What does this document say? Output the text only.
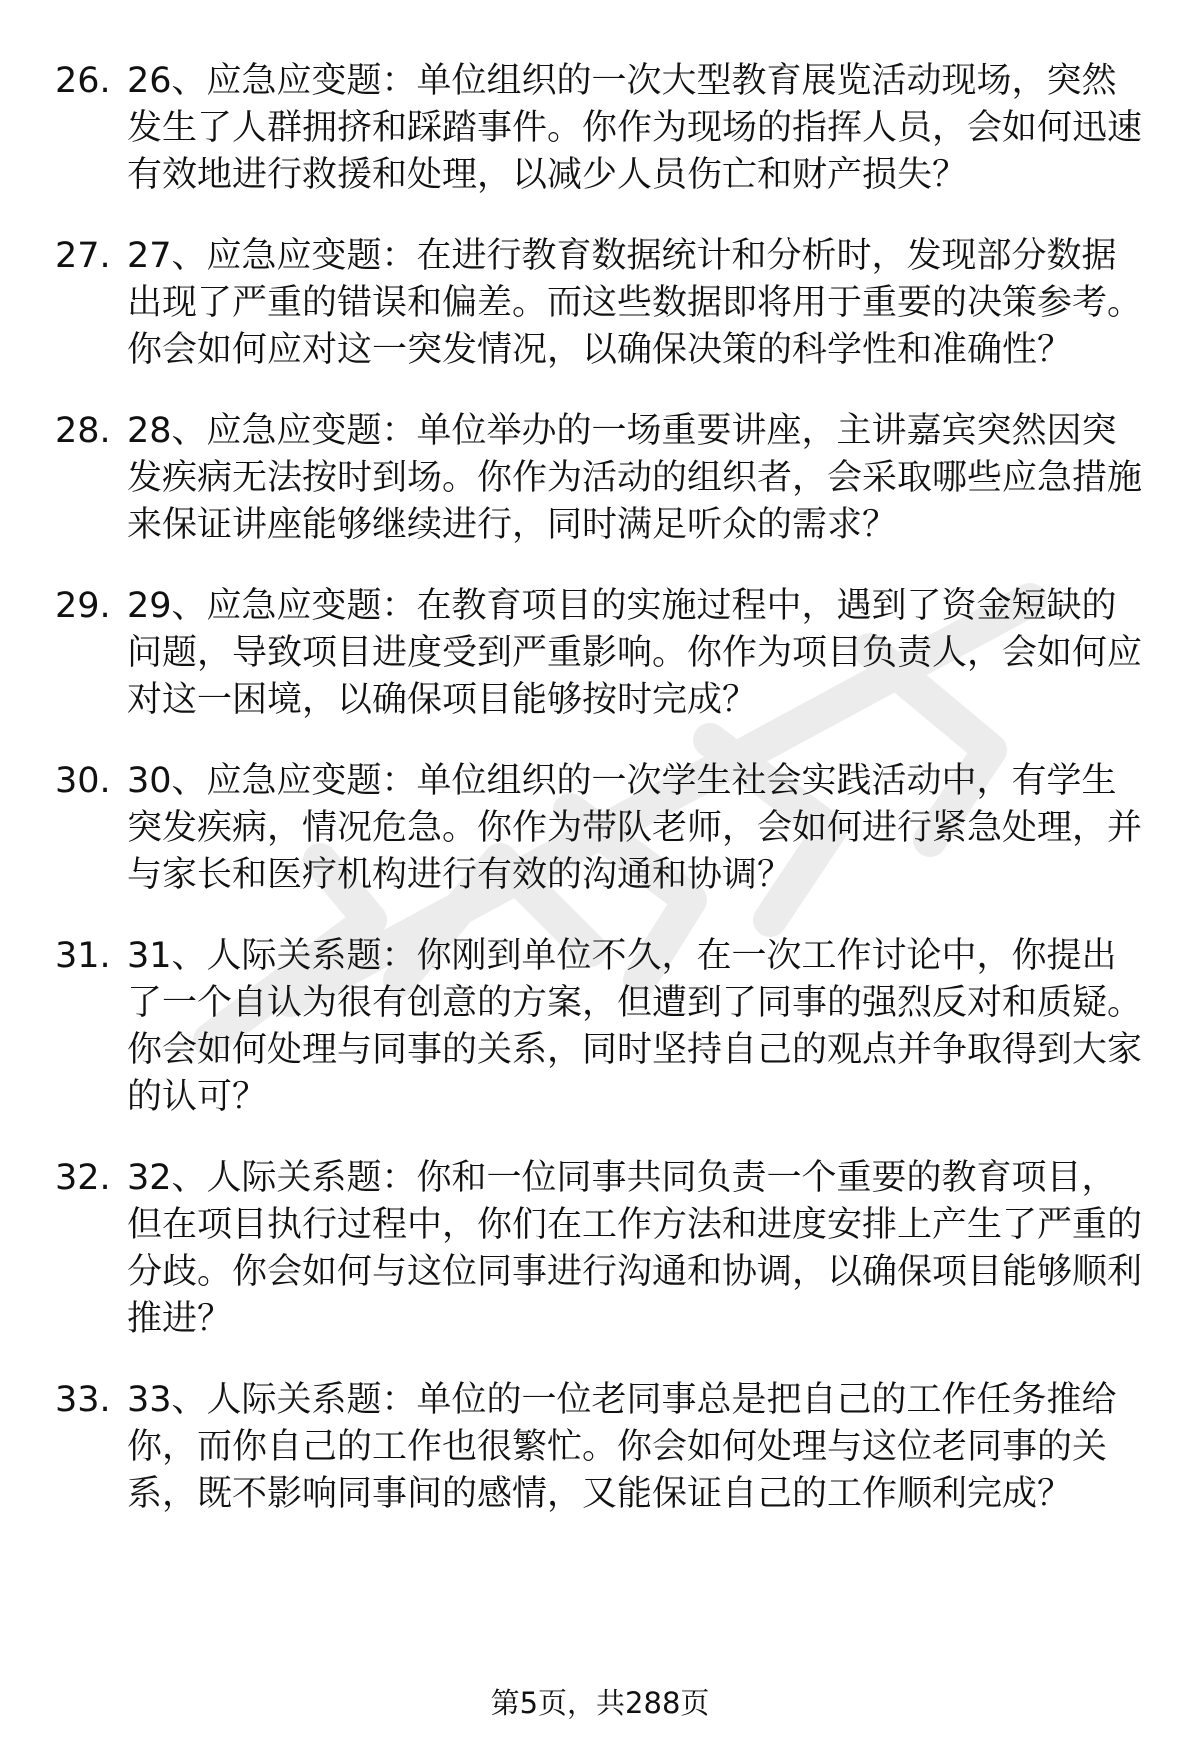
26. 26、应急应变题：单位组织的一次大型教育展览活动现场，突然发生了人群拥挤和踩踏事件。你作为现场的指挥人员，会如何迅速有效地进行救援和处理，以减少人员伤亡和财产损失？

27. 27、应急应变题：在进行教育数据统计和分析时，发现部分数据出现了严重的错误和偏差。而这些数据即将用于重要的决策参考。你会如何应对这一突发情况，以确保决策的科学性和准确性？

28. 28、应急应变题：单位举办的一场重要讲座，主讲嘉宾突然因突发疾病无法按时到场。你作为活动的组织者，会采取哪些应急措施来保证讲座能够继续进行，同时满足听众的需求？

29. 29、应急应变题：在教育项目的实施过程中，遇到了资金短缺的问题，导致项目进度受到严重影响。你作为项目负责人，会如何应对这一困境，以确保项目能够按时完成？

30. 30、应急应变题：单位组织的一次学生社会实践活动中，有学生突发疾病，情况危急。你作为带队老师，会如何进行紧急处理，并与家长和医疗机构进行有效的沟通和协调？

31. 31、人际关系题：你刚到单位不久，在一次工作讨论中，你提出了一个自认为很有创意的方案，但遭到了同事的强烈反对和质疑。你会如何处理与同事的关系，同时坚持自己的观点并争取得到大家的认可？

32. 32、人际关系题：你和一位同事共同负责一个重要的教育项目，但在项目执行过程中，你们在工作方法和进度安排上产生了严重的分歧。你会如何与这位同事进行沟通和协调，以确保项目能够顺利推进？

33. 33、人际关系题：单位的一位老同事总是把自己的工作任务推给你，而你自己的工作也很繁忙。你会如何处理与这位老同事的关系，既不影响同事间的感情，又能保证自己的工作顺利完成？

第5页，共288页
